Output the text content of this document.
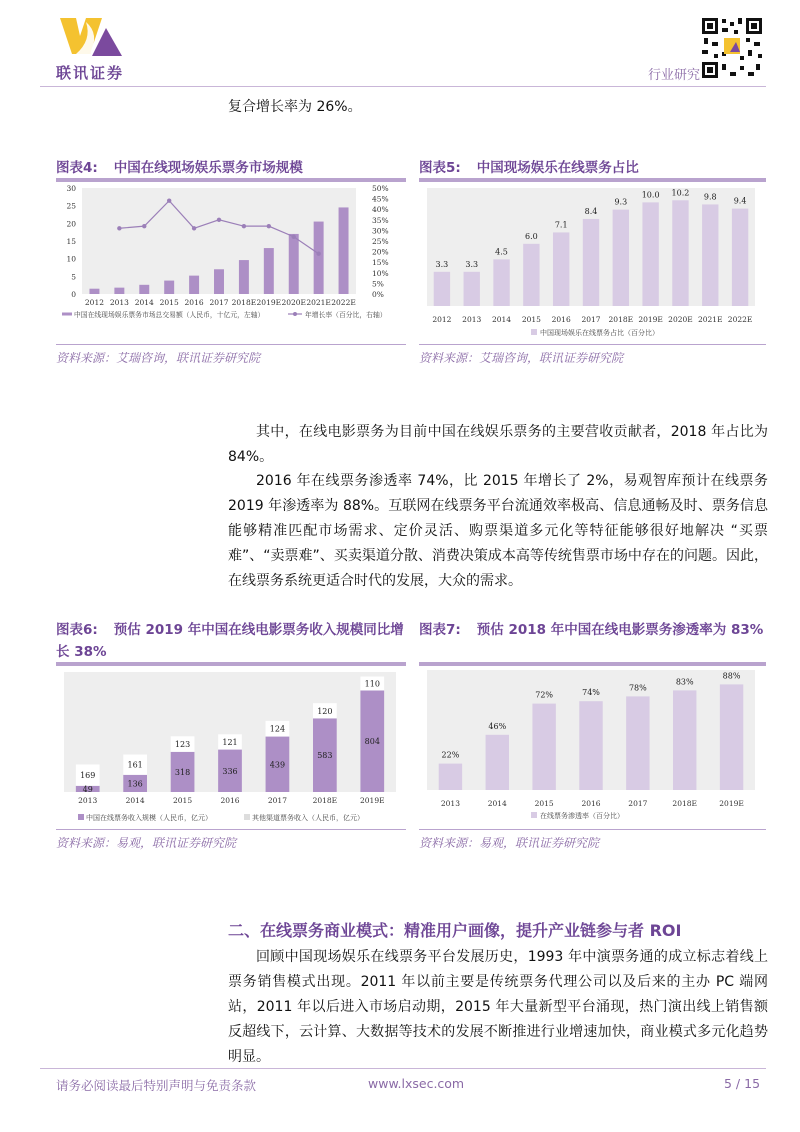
联讯证券	行业研究
复合增长率为 26%。
图表4: 中国在线现场娱乐票务市场规模
30
25
20
15
10
5
0
50%
45%
40%
35%
30%
25%
20%
15%
10%
5%
0%
2012 2013 2014 2015 2016 2017 2018E 2019E 2020E 2021E 2022E
中国在线现场娱乐票务市场总交易额（人民币，十亿元，左轴）	年增长率（百分比，右轴）
资料来源：艾瑞咨询，联讯证券研究院
图表5: 中国现场娱乐在线票务占比
3.3
2012
3.3
2013
4.5
2014
6.0
2015
7.1
2016
8.4
2017
9.3
2018E
10.0
2019E
10.2
2020E
9.8
2021E
9.4
2022E
中国现场娱乐在线票务占比（百分比）
资料来源：艾瑞咨询，联讯证券研究院
其中，在线电影票务为目前中国在线娱乐票务的主要营收贡献者，2018 年占比为 84%。
2016 年在线票务渗透率 74%，比 2015 年增长了 2%，易观智库预计在线票务 2019 年渗透率为 88%。互联网在线票务平台流通效率极高、信息通畅及时、票务信息能够精准匹配市场需求、定价灵活、购票渠道多元化等特征能够很好地解决 “买票难”、“卖票难”、买卖渠道分散、消费决策成本高等传统售票市场中存在的问题。因此，在线票务系统更适合时代的发展，大众的需求。
图表6: 预估 2019 年中国在线电影票务收入规模同比增长 38%
49
169
2013
136
161
2014
318
123
2015
336
121
2016
439
124
2017
583
120
2018E
804
110
2019E
中国在线票务收入规模（人民币，亿元）	其他渠道票务收入（人民币，亿元）
资料来源：易观，联讯证券研究院
图表7: 预估 2018 年中国在线电影票务渗透率为 83%
22%
2013
46%
2014
72%
2015
74%
2016
78%
2017
83%
2018E
88%
2019E
在线票务渗透率（百分比）
资料来源：易观，联讯证券研究院
二、在线票务商业模式：精准用户画像，提升产业链参与者 ROI
回顾中国现场娱乐在线票务平台发展历史，1993 年中演票务通的成立标志着线上票务销售模式出现。2011 年以前主要是传统票务代理公司以及后来的主办 PC 端网站，2011 年以后进入市场启动期，2015 年大量新型平台涌现，热门演出线上销售额反超线下，云计算、大数据等技术的发展不断推进行业增速加快，商业模式多元化趋势明显。
请务必阅读最后特别声明与免责条款	www.lxsec.com	5 / 15
